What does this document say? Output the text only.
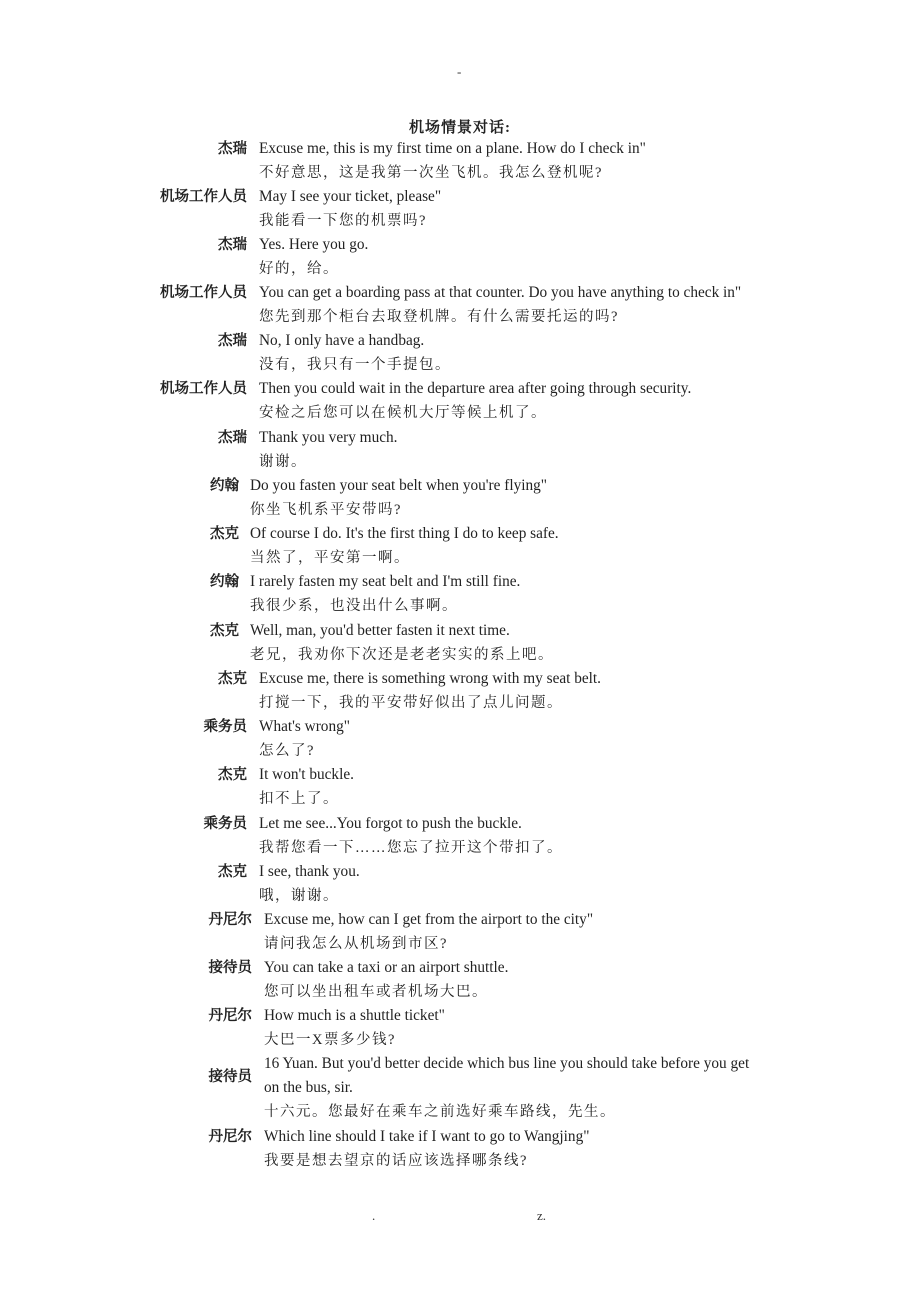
-
机场情景对话:
杰瑞 Excuse me, this is my first time on a plane. How do I check in"
不好意思，这是我第一次坐飞机。我怎么登机呢?
机场工作人员 May I see your ticket, please"
我能看一下您的机票吗?
杰瑞 Yes. Here you go.
好的，给。
机场工作人员 You can get a boarding pass at that counter. Do you have anything to check in"
您先到那个柜台去取登机牌。有什么需要托运的吗?
杰瑞 No, I only have a handbag.
没有，我只有一个手提包。
机场工作人员 Then you could wait in the departure area after going through security.
安检之后您可以在候机大厅等候上机了。
杰瑞 Thank you very much.
谢谢。
约翰 Do you fasten your seat belt when you're flying"
你坐飞机系平安带吗?
杰克 Of course I do. It's the first thing I do to keep safe.
当然了，平安第一啊。
约翰 I rarely fasten my seat belt and I'm still fine.
我很少系，也没出什么事啊。
杰克 Well, man, you'd better fasten it next time.
老兄，我劝你下次还是老老实实的系上吧。
杰克 Excuse me, there is something wrong with my seat belt.
打搅一下，我的平安带好似出了点儿问题。
乘务员 What's wrong"
怎么了?
杰克 It won't buckle.
扣不上了。
乘务员 Let me see...You forgot to push the buckle.
我帮您看一下……您忘了拉开这个带扣了。
杰克 I see, thank you.
哦，谢谢。
丹尼尔 Excuse me, how can I get from the airport to the city"
请问我怎么从机场到市区?
接待员 You can take a taxi or an airport shuttle.
您可以坐出租车或者机场大巴。
丹尼尔 How much is a shuttle ticket"
大巴一X票多少钱?
接待员
16 Yuan. But you'd better decide which bus line you should take before you get
on the bus, sir.
十六元。您最好在乘车之前选好乘车路线，先生。
丹尼尔 Which line should I take if I want to go to Wangjing"
我要是想去望京的话应该选择哪条线?
.	z.
